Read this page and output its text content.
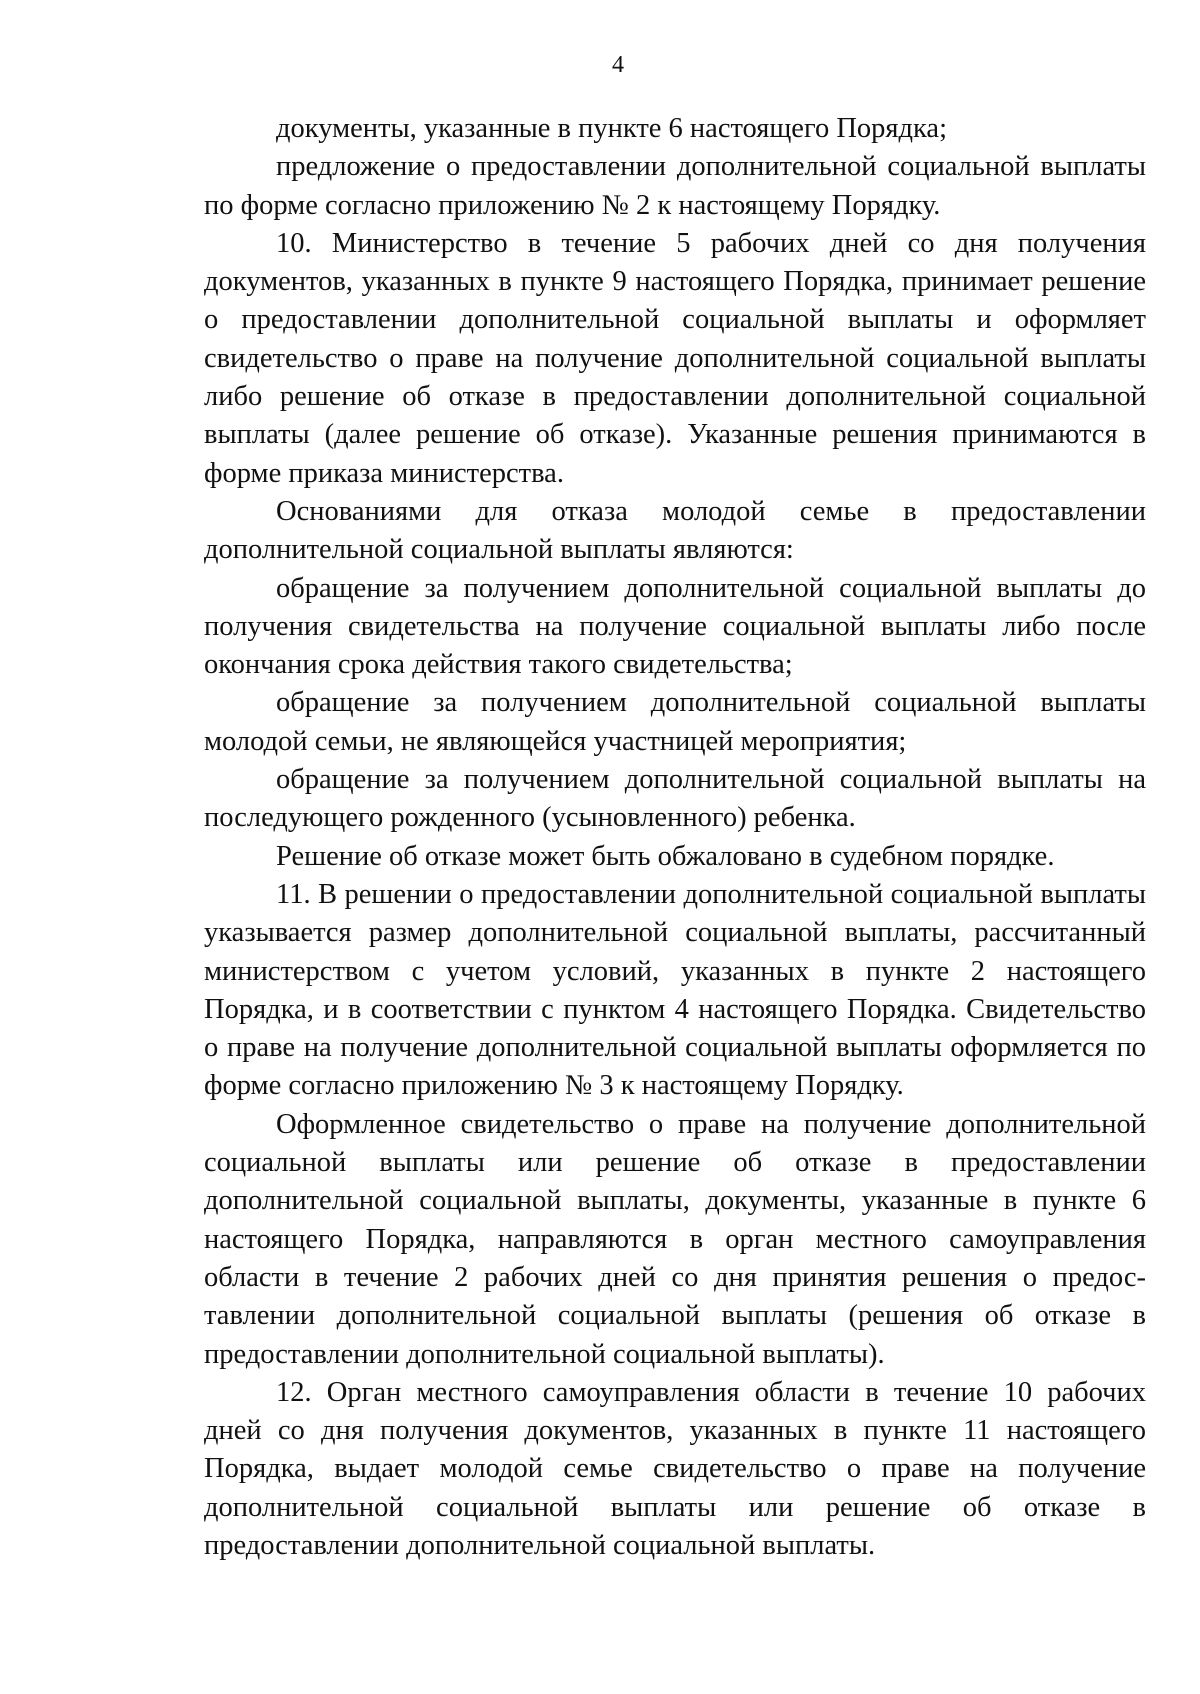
4

документы, указанные в пункте 6 настоящего Порядка;

предложение о предоставлении дополнительной социальной выплаты по форме согласно приложению № 2 к настоящему Порядку.

10. Министерство в течение 5 рабочих дней со дня получения документов, указанных в пункте 9 настоящего Порядка, принимает решение о предоставлении дополнительной социальной выплаты и оформляет свидетельство о праве на получение дополнительной социальной выплаты либо решение об отказе в предоставлении дополнительной социальной выплаты (далее решение об отказе). Указанные решения принимаются в форме приказа министерства.

Основаниями для отказа молодой семье в предоставлении дополнительной социальной выплаты являются:

обращение за получением дополнительной социальной выплаты до получения свидетельства на получение социальной выплаты либо после окончания срока действия такого свидетельства;

обращение за получением дополнительной социальной выплаты молодой семьи, не являющейся участницей мероприятия;

обращение за получением дополнительной социальной выплаты на последующего рожденного (усыновленного) ребенка.

Решение об отказе может быть обжаловано в судебном порядке.

11. В решении о предоставлении дополнительной социальной выплаты указывается размер дополнительной социальной выплаты, рассчитанный министерством с учетом условий, указанных в пункте 2 настоящего Порядка, и в соответствии с пунктом 4 настоящего Порядка. Свидетельство о праве на получение дополнительной социальной выплаты оформляется по форме согласно приложению № 3 к настоящему Порядку.

Оформленное свидетельство о праве на получение дополнительной социальной выплаты или решение об отказе в предоставлении дополнительной социальной выплаты, документы, указанные в пункте 6 настоящего Порядка, направляются в орган местного самоуправления области в течение 2 рабочих дней со дня принятия решения о предоставлении дополнительной социальной выплаты (решения об отказе в предоставлении дополнительной социальной выплаты).

12. Орган местного самоуправления области в течение 10 рабочих дней со дня получения документов, указанных в пункте 11 настоящего Порядка, выдает молодой семье свидетельство о праве на получение дополнительной социальной выплаты или решение об отказе в предоставлении дополнительной социальной выплаты.
